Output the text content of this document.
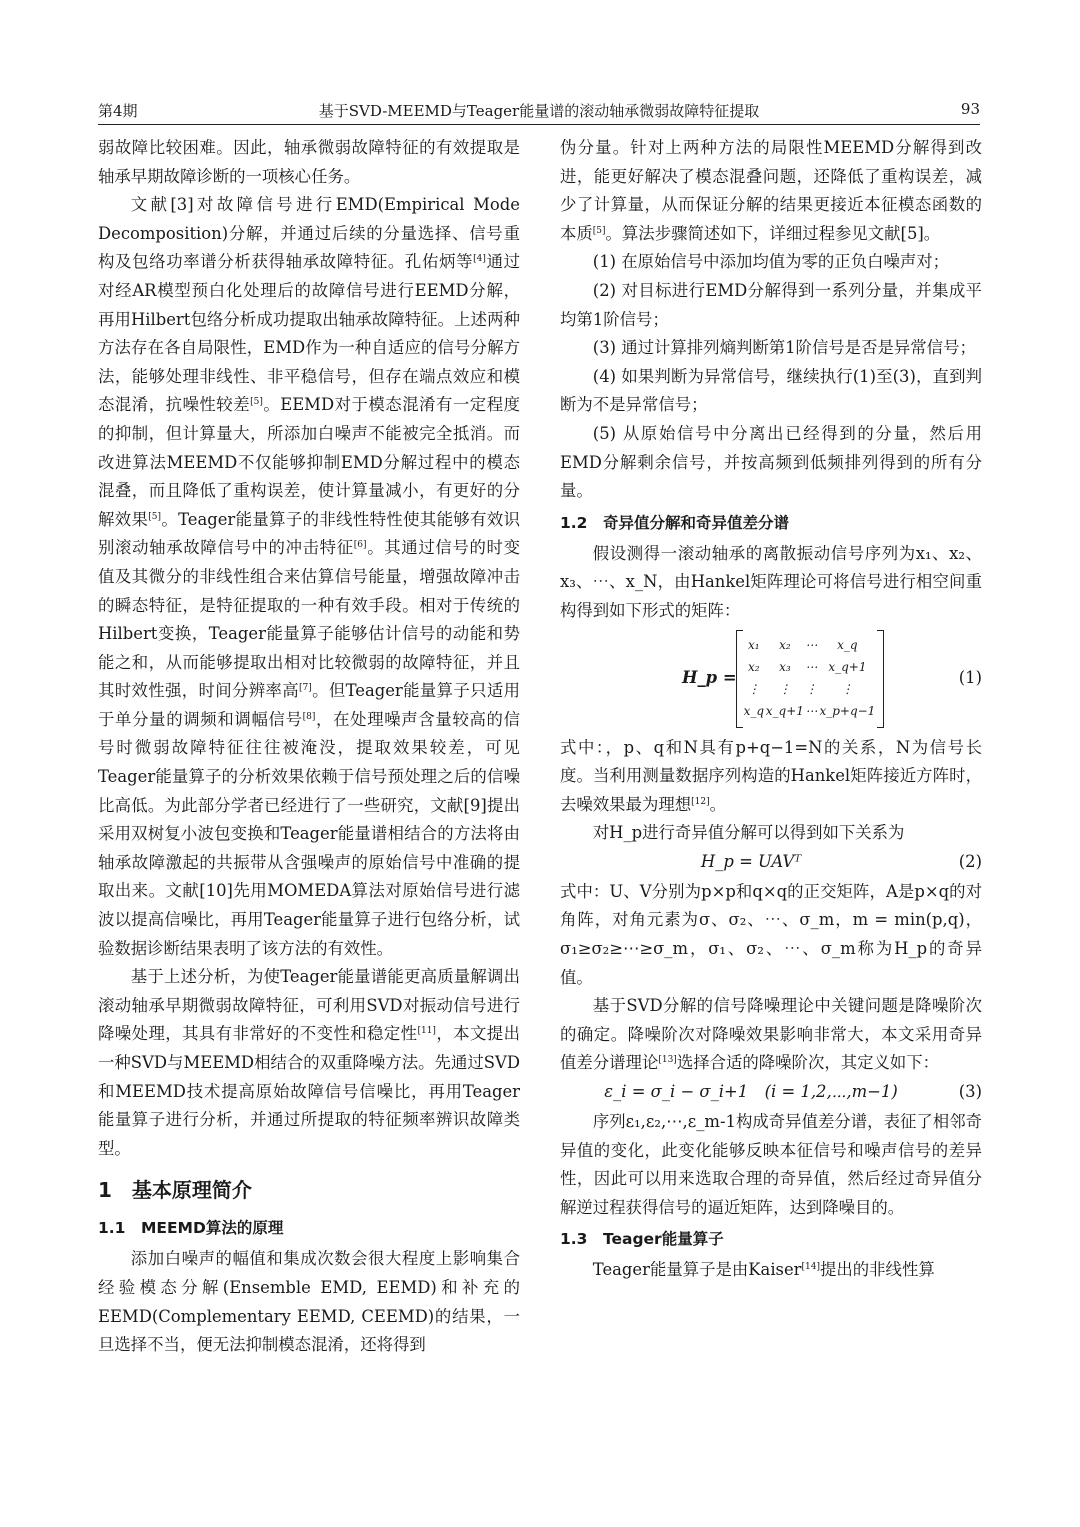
第4期	基于SVD-MEEMD与Teager能量谱的滚动轴承微弱故障特征提取	93

弱故障比较困难。因此，轴承微弱故障特征的有效提取是轴承早期故障诊断的一项核心任务。

文献[3]对故障信号进行EMD(Empirical Mode Decomposition)分解，并通过后续的分量选择、信号重构及包络功率谱分析获得轴承故障特征。孔佑炳等[4]通过对经AR模型预白化处理后的故障信号进行EEMD分解，再用Hilbert包络分析成功提取出轴承故障特征。上述两种方法存在各自局限性，EMD作为一种自适应的信号分解方法，能够处理非线性、非平稳信号，但存在端点效应和模态混淆，抗噪性较差[5]。EEMD对于模态混淆有一定程度的抑制，但计算量大，所添加白噪声不能被完全抵消。而改进算法MEEMD不仅能够抑制EMD分解过程中的模态混叠，而且降低了重构误差，使计算量减小，有更好的分解效果[5]。Teager能量算子的非线性特性使其能够有效识别滚动轴承故障信号中的冲击特征[6]。其通过信号的时变值及其微分的非线性组合来估算信号能量，增强故障冲击的瞬态特征，是特征提取的一种有效手段。相对于传统的Hilbert变换，Teager能量算子能够估计信号的动能和势能之和，从而能够提取出相对比较微弱的故障特征，并且其时效性强，时间分辨率高[7]。但Teager能量算子只适用于单分量的调频和调幅信号[8]，在处理噪声含量较高的信号时微弱故障特征往往被淹没，提取效果较差，可见Teager能量算子的分析效果依赖于信号预处理之后的信噪比高低。为此部分学者已经进行了一些研究，文献[9]提出采用双树复小波包变换和Teager能量谱相结合的方法将由轴承故障激起的共振带从含强噪声的原始信号中准确的提取出来。文献[10]先用MOMEDA算法对原始信号进行滤波以提高信噪比，再用Teager能量算子进行包络分析，试验数据诊断结果表明了该方法的有效性。

基于上述分析，为使Teager能量谱能更高质量解调出滚动轴承早期微弱故障特征，可利用SVD对振动信号进行降噪处理，其具有非常好的不变性和稳定性[11]，本文提出一种SVD与MEEMD相结合的双重降噪方法。先通过SVD和MEEMD技术提高原始故障信号信噪比，再用Teager能量算子进行分析，并通过所提取的特征频率辨识故障类型。

1　基本原理简介
1.1　MEEMD算法的原理

添加白噪声的幅值和集成次数会很大程度上影响集合经验模态分解(Ensemble EMD, EEMD)和补充的EEMD(Complementary EEMD, CEEMD)的结果，一旦选择不当，便无法抑制模态混淆，还将得到

伪分量。针对上两种方法的局限性MEEMD分解得到改进，能更好解决了模态混叠问题，还降低了重构误差，减少了计算量，从而保证分解的结果更接近本征模态函数的本质[5]。算法步骤简述如下，详细过程参见文献[5]。

(1) 在原始信号中添加均值为零的正负白噪声对；

(2) 对目标进行EMD分解得到一系列分量，并集成平均第1阶信号；

(3) 通过计算排列熵判断第1阶信号是否是异常信号；

(4) 如果判断为异常信号，继续执行(1)至(3)，直到判断为不是异常信号；

(5) 从原始信号中分离出已经得到的分量，然后用EMD分解剩余信号，并按高频到低频排列得到的所有分量。

1.2　奇异值分解和奇异值差分谱

假设测得一滚动轴承的离散振动信号序列为x₁、x₂、x₃、⋯、x_N，由Hankel矩阵理论可将信号进行相空间重构得到如下形式的矩阵：

H_p =
x₁	x₂	⋯	x_q
x₂	x₃	⋯	x_q+1
⋮	⋮	⋮	⋮
x_q	x_q+1	⋯	x_p+q−1
(1)

式中：，p、q和N具有p+q−1=N的关系，N为信号长度。当利用测量数据序列构造的Hankel矩阵接近方阵时，去噪效果最为理想[12]。

对H_p进行奇异值分解可以得到如下关系为

H_p = UAVᵀ	(2)

式中：U、V分别为p×p和q×q的正交矩阵，A是p×q的对角阵，对角元素为σ、σ₂、⋯、σ_m，m = min(p,q)，σ₁≥σ₂≥⋯≥σ_m，σ₁、σ₂、⋯、σ_m称为H_p的奇异值。

基于SVD分解的信号降噪理论中关键问题是降噪阶次的确定。降噪阶次对降噪效果影响非常大，本文采用奇异值差分谱理论[13]选择合适的降噪阶次，其定义如下：

ε_i = σ_i − σ_i+1　(i = 1,2,⋯,m−1)	(3)

序列ε₁,ε₂,⋯,ε_m-1构成奇异值差分谱，表征了相邻奇异值的变化，此变化能够反映本征信号和噪声信号的差异性，因此可以用来选取合理的奇异值，然后经过奇异值分解逆过程获得信号的逼近矩阵，达到降噪目的。

1.3　Teager能量算子

Teager能量算子是由Kaiser[14]提出的非线性算
